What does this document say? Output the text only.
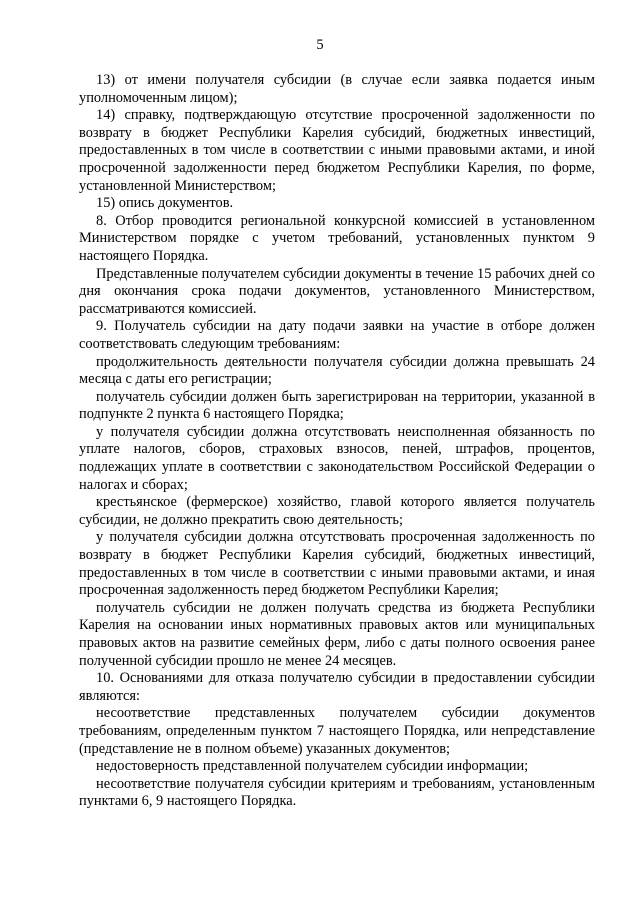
5

13) от имени получателя субсидии (в случае если заявка подается иным уполномоченным лицом);

14) справку, подтверждающую отсутствие просроченной задолженности по возврату в бюджет Республики Карелия субсидий, бюджетных инвестиций, предоставленных в том числе в соответствии с иными правовыми актами, и иной просроченной задолженности перед бюджетом Республики Карелия, по форме, установленной Министерством;

15) опись документов.

8. Отбор проводится региональной конкурсной комиссией в установленном Министерством порядке с учетом требований, установленных пунктом 9 настоящего Порядка.

Представленные получателем субсидии документы в течение 15 рабочих дней со дня окончания срока подачи документов, установленного Министерством, рассматриваются комиссией.

9. Получатель субсидии на дату подачи заявки на участие в отборе должен соответствовать следующим требованиям:

продолжительность деятельности получателя субсидии должна превышать 24 месяца с даты его регистрации;

получатель субсидии должен быть зарегистрирован на территории, указанной в подпункте 2 пункта 6 настоящего Порядка;

у получателя субсидии должна отсутствовать неисполненная обязанность по уплате налогов, сборов, страховых взносов, пеней, штрафов, процентов, подлежащих уплате в соответствии с законодательством Российской Федерации о налогах и сборах;

крестьянское (фермерское) хозяйство, главой которого является получатель субсидии, не должно прекратить свою деятельность;

у получателя субсидии должна отсутствовать просроченная задолженность по возврату в бюджет Республики Карелия субсидий, бюджетных инвестиций, предоставленных в том числе в соответствии с иными правовыми актами, и иная просроченная задолженность перед бюджетом Республики Карелия;

получатель субсидии не должен получать средства из бюджета Республики Карелия на основании иных нормативных правовых актов или муниципальных правовых актов на развитие семейных ферм, либо с даты полного освоения ранее полученной субсидии прошло не менее 24 месяцев.

10. Основаниями для отказа получателю субсидии в предоставлении субсидии являются:

несоответствие представленных получателем субсидии документов требованиям, определенным пунктом 7 настоящего Порядка, или непредставление (представление не в полном объеме) указанных документов;

недостоверность представленной получателем субсидии информации;

несоответствие получателя субсидии критериям и требованиям, установленным пунктами 6, 9 настоящего Порядка.
